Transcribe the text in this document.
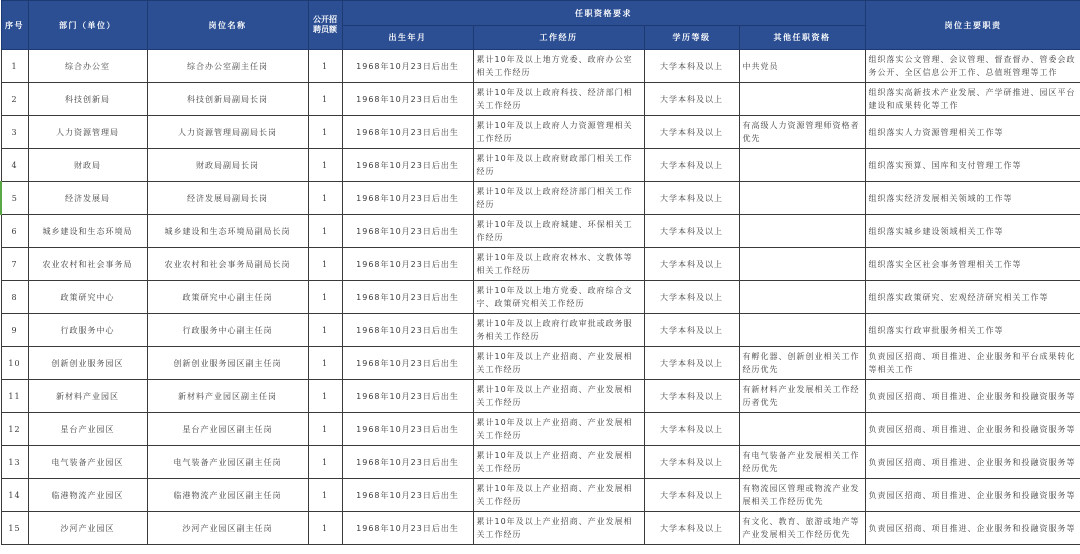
序号	部门（单位）	岗位名称	公开招聘员额	任职资格要求				岗位主要职责
				出生年月	工作经历	学历等级	其他任职资格	
1	综合办公室	综合办公室副主任岗	1	1968年10月23日后出生	累计10年及以上地方党委、政府办公室相关工作经历	大学本科及以上	中共党员	组织落实公文管理、会议管理、督查督办、管委会政务公开、全区信息公开工作、总值班管理等工作
2	科技创新局	科技创新局副局长岗	1	1968年10月23日后出生	累计10年及以上政府科技、经济部门相关工作经历	大学本科及以上		组织落实高新技术产业发展、产学研推进、园区平台建设和成果转化等工作
3	人力资源管理局	人力资源管理局副局长岗	1	1968年10月23日后出生	累计10年及以上政府人力资源管理相关工作经历	大学本科及以上	有高级人力资源管理师资格者优先	组织落实人力资源管理相关工作等
4	财政局	财政局副局长岗	1	1968年10月23日后出生	累计10年及以上政府财政部门相关工作经历	大学本科及以上		组织落实预算、国库和支付管理工作等
5	经济发展局	经济发展局副局长岗	1	1968年10月23日后出生	累计10年及以上政府经济部门相关工作经历	大学本科及以上		组织落实经济发展相关领域的工作等
6	城乡建设和生态环境局	城乡建设和生态环境局副局长岗	1	1968年10月23日后出生	累计10年及以上政府城建、环保相关工作经历	大学本科及以上		组织落实城乡建设领域相关工作等
7	农业农村和社会事务局	农业农村和社会事务局副局长岗	1	1968年10月23日后出生	累计10年及以上政府农林水、文教体等相关工作经历	大学本科及以上		组织落实全区社会事务管理相关工作等
8	政策研究中心	政策研究中心副主任岗	1	1968年10月23日后出生	累计10年及以上地方党委、政府综合文字、政策研究相关工作经历	大学本科及以上		组织落实政策研究、宏观经济研究相关工作等
9	行政服务中心	行政服务中心副主任岗	1	1968年10月23日后出生	累计10年及以上政府行政审批或政务服务相关工作经历	大学本科及以上		组织落实行政审批服务相关工作等
10	创新创业服务园区	创新创业服务园区副主任岗	1	1968年10月23日后出生	累计10年及以上产业招商、产业发展相关工作经历	大学本科及以上	有孵化器、创新创业相关工作经历优先	负责园区招商、项目推进、企业服务和平台成果转化等相关工作
11	新材料产业园区	新材料产业园区副主任岗	1	1968年10月23日后出生	累计10年及以上产业招商、产业发展相关工作经历	大学本科及以上	有新材料产业发展相关工作经历者优先	负责园区招商、项目推进、企业服务和投融资服务等
12	星台产业园区	星台产业园区副主任岗	1	1968年10月23日后出生	累计10年及以上产业招商、产业发展相关工作经历	大学本科及以上		负责园区招商、项目推进、企业服务和投融资服务等
13	电气装备产业园区	电气装备产业园区副主任岗	1	1968年10月23日后出生	累计10年及以上产业招商、产业发展相关工作经历	大学本科及以上	有电气装备产业发展相关工作经历优先	负责园区招商、项目推进、企业服务和投融资服务等
14	临港物流产业园区	临港物流产业园区副主任岗	1	1968年10月23日后出生	累计10年及以上产业招商、产业发展相关工作经历	大学本科及以上	有物流园区管理或物流产业发展相关工作经历优先	负责园区招商、项目推进、企业服务和投融资服务等
15	沙河产业园区	沙河产业园区副主任岗	1	1968年10月23日后出生	累计10年及以上产业招商、产业发展相关工作经历	大学本科及以上	有文化、教育、旅游或地产等产业发展相关工作经历优先	负责园区招商、项目推进、企业服务和投融资服务等
